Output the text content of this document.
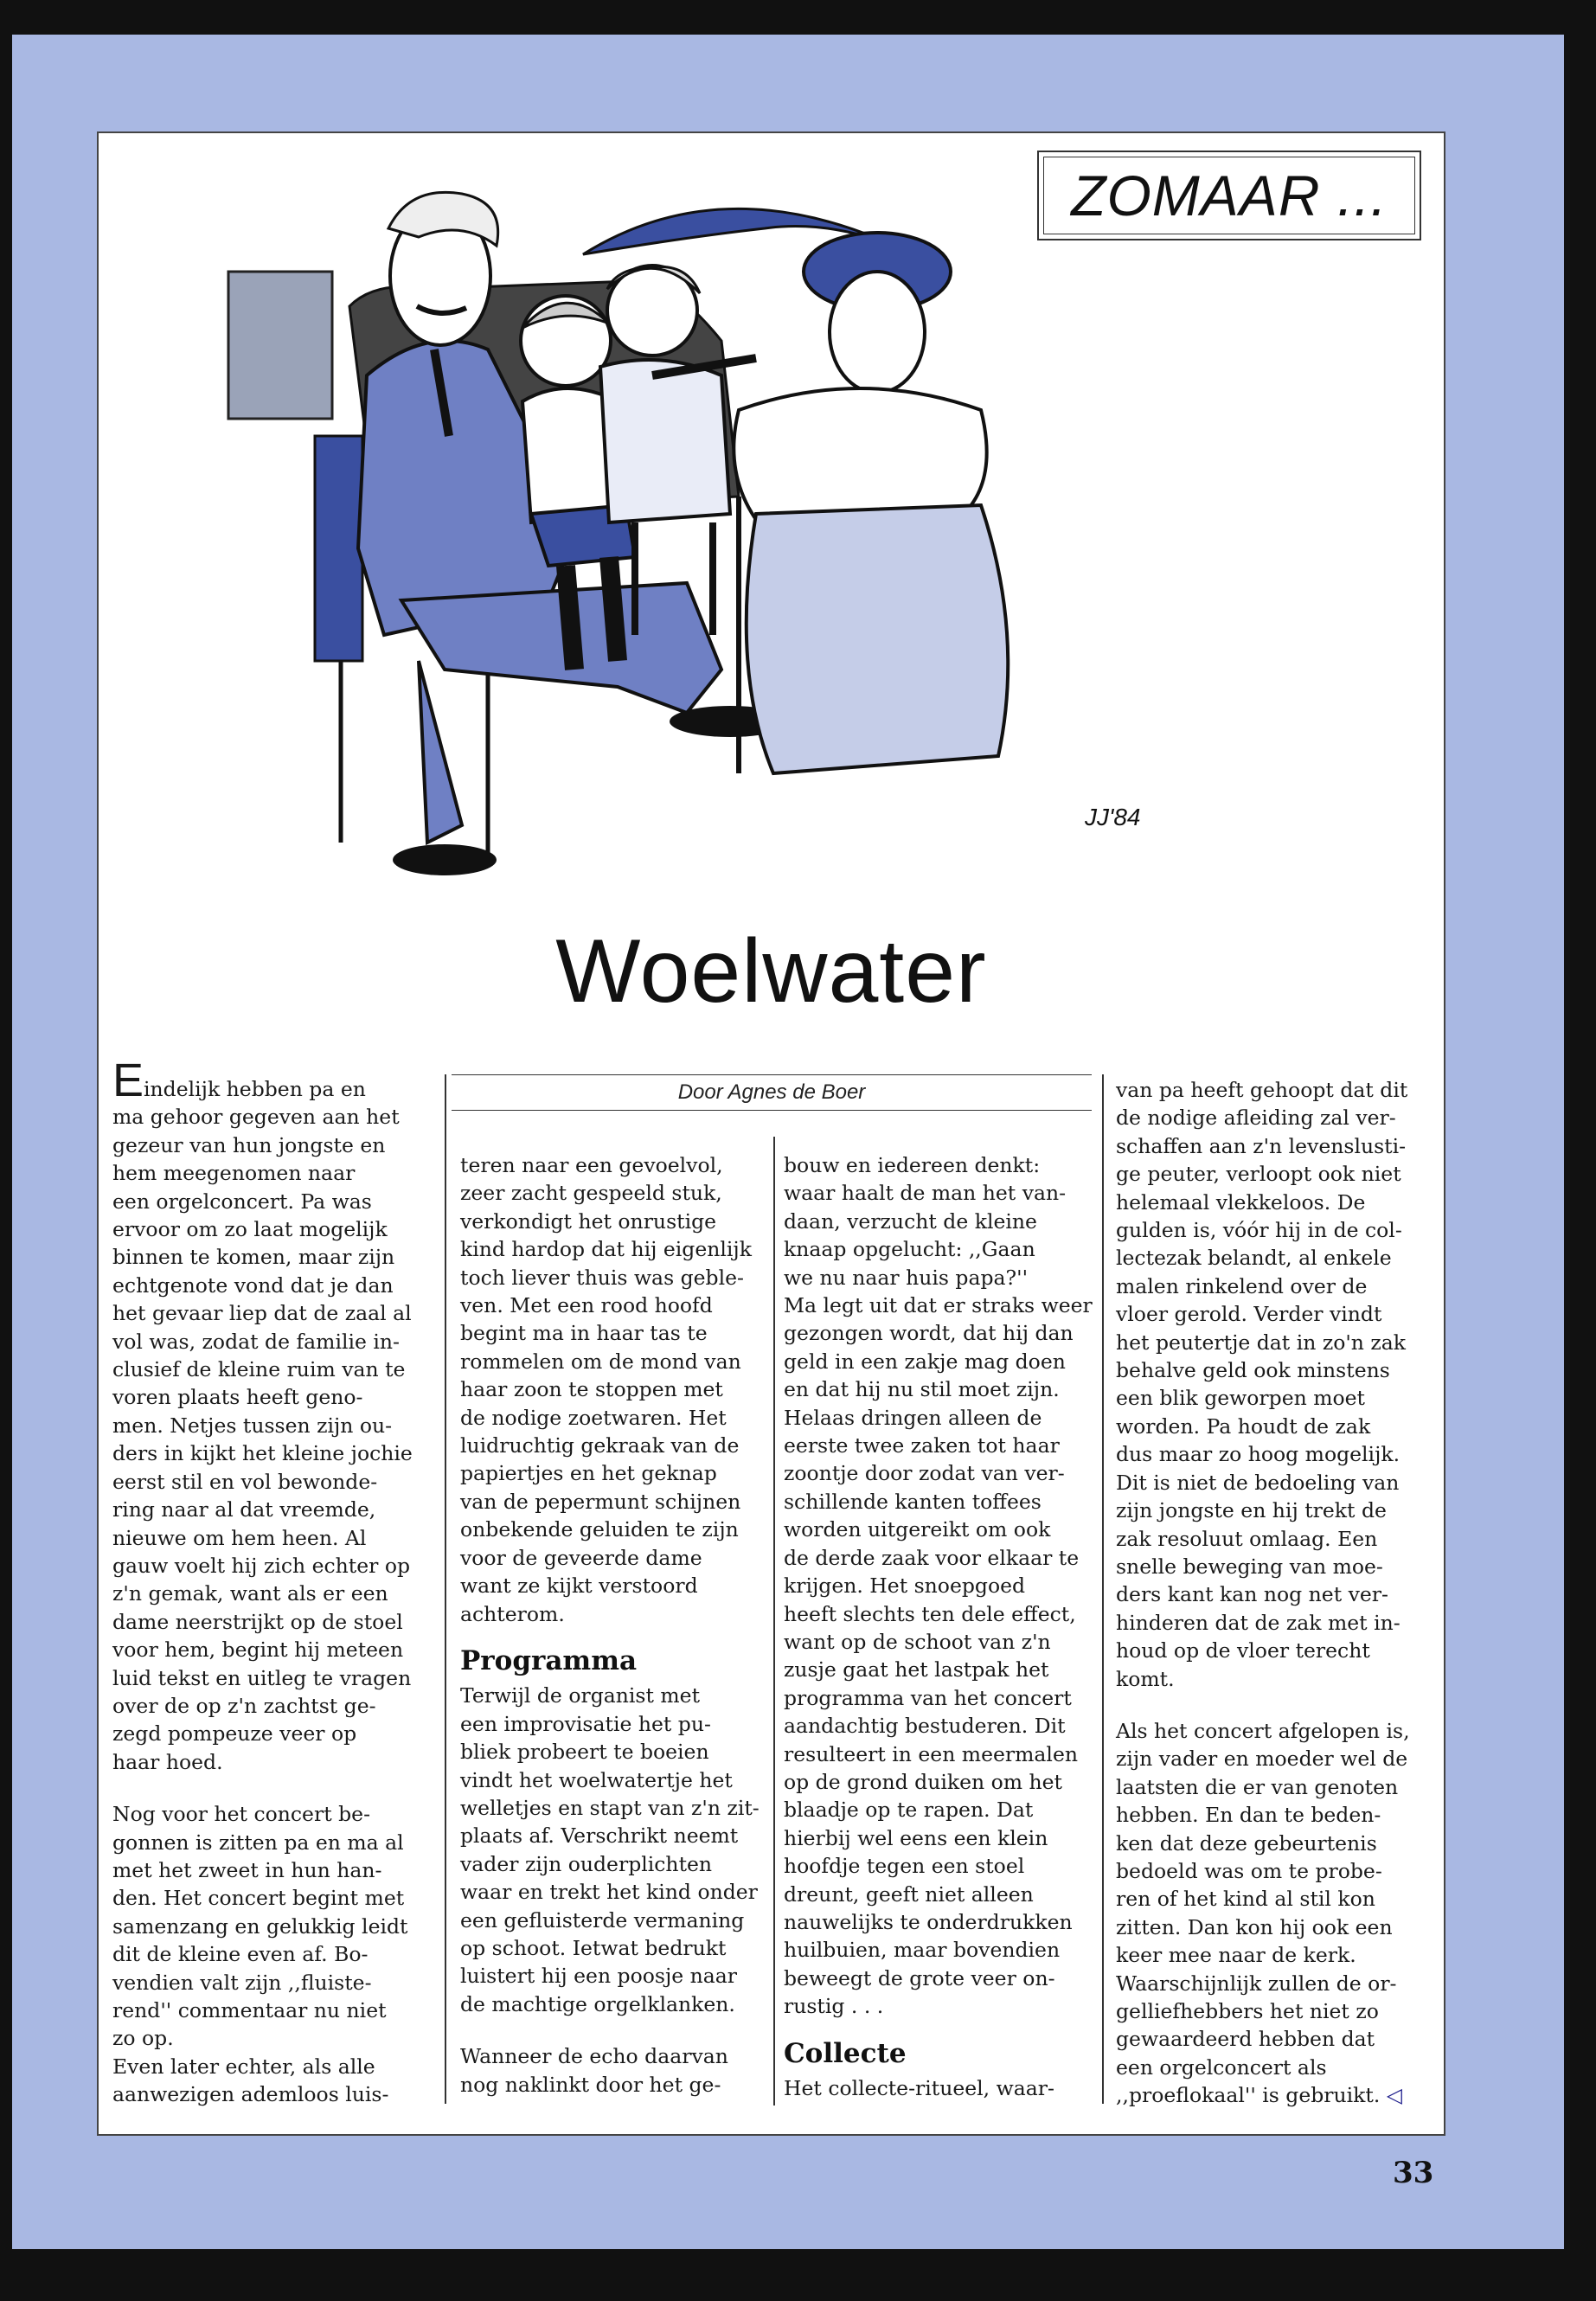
ZOMAAR ...
JJ'84
Woelwater
Eindelijk hebben pa en
ma gehoor gegeven aan het
gezeur van hun jongste en
hem meegenomen naar
een orgelconcert. Pa was
ervoor om zo laat mogelijk
binnen te komen, maar zijn
echtgenote vond dat je dan
het gevaar liep dat de zaal al
vol was, zodat de familie in-
clusief de kleine ruim van te
voren plaats heeft geno-
men. Netjes tussen zijn ou-
ders in kijkt het kleine jochie
eerst stil en vol bewonde-
ring naar al dat vreemde,
nieuwe om hem heen. Al
gauw voelt hij zich echter op
z'n gemak, want als er een
dame neerstrijkt op de stoel
voor hem, begint hij meteen
luid tekst en uitleg te vragen
over de op z'n zachtst ge-
zegd pompeuze veer op
haar hoed.
Nog voor het concert be-
gonnen is zitten pa en ma al
met het zweet in hun han-
den. Het concert begint met
samenzang en gelukkig leidt
dit de kleine even af. Bo-
vendien valt zijn ,,fluiste-
rend'' commentaar nu niet
zo op.
Even later echter, als alle
aanwezigen ademloos luis-
Door Agnes de Boer
teren naar een gevoelvol,
zeer zacht gespeeld stuk,
verkondigt het onrustige
kind hardop dat hij eigenlijk
toch liever thuis was geble-
ven. Met een rood hoofd
begint ma in haar tas te
rommelen om de mond van
haar zoon te stoppen met
de nodige zoetwaren. Het
luidruchtig gekraak van de
papiertjes en het geknap
van de pepermunt schijnen
onbekende geluiden te zijn
voor de geveerde dame
want ze kijkt verstoord
achterom.
Programma
Terwijl de organist met
een improvisatie het pu-
bliek probeert te boeien
vindt het woelwatertje het
welletjes en stapt van z'n zit-
plaats af. Verschrikt neemt
vader zijn ouderplichten
waar en trekt het kind onder
een gefluisterde vermaning
op schoot. Ietwat bedrukt
luistert hij een poosje naar
de machtige orgelklanken.
Wanneer de echo daarvan
nog naklinkt door het ge-
bouw en iedereen denkt:
waar haalt de man het van-
daan, verzucht de kleine
knaap opgelucht: ,,Gaan
we nu naar huis papa?''
Ma legt uit dat er straks weer
gezongen wordt, dat hij dan
geld in een zakje mag doen
en dat hij nu stil moet zijn.
Helaas dringen alleen de
eerste twee zaken tot haar
zoontje door zodat van ver-
schillende kanten toffees
worden uitgereikt om ook
de derde zaak voor elkaar te
krijgen. Het snoepgoed
heeft slechts ten dele effect,
want op de schoot van z'n
zusje gaat het lastpak het
programma van het concert
aandachtig bestuderen. Dit
resulteert in een meermalen
op de grond duiken om het
blaadje op te rapen. Dat
hierbij wel eens een klein
hoofdje tegen een stoel
dreunt, geeft niet alleen
nauwelijks te onderdrukken
huilbuien, maar bovendien
beweegt de grote veer on-
rustig . . .
Collecte
Het collecte-ritueel, waar-
van pa heeft gehoopt dat dit
de nodige afleiding zal ver-
schaffen aan z'n levenslusti-
ge peuter, verloopt ook niet
helemaal vlekkeloos. De
gulden is, vóór hij in de col-
lectezak belandt, al enkele
malen rinkelend over de
vloer gerold. Verder vindt
het peutertje dat in zo'n zak
behalve geld ook minstens
een blik geworpen moet
worden. Pa houdt de zak
dus maar zo hoog mogelijk.
Dit is niet de bedoeling van
zijn jongste en hij trekt de
zak resoluut omlaag. Een
snelle beweging van moe-
ders kant kan nog net ver-
hinderen dat de zak met in-
houd op de vloer terecht
komt.
Als het concert afgelopen is,
zijn vader en moeder wel de
laatsten die er van genoten
hebben. En dan te beden-
ken dat deze gebeurtenis
bedoeld was om te probe-
ren of het kind al stil kon
zitten. Dan kon hij ook een
keer mee naar de kerk.
Waarschijnlijk zullen de or-
gelliefhebbers het niet zo
gewaardeerd hebben dat
een orgelconcert als
,,proeflokaal'' is gebruikt. ◁
33
